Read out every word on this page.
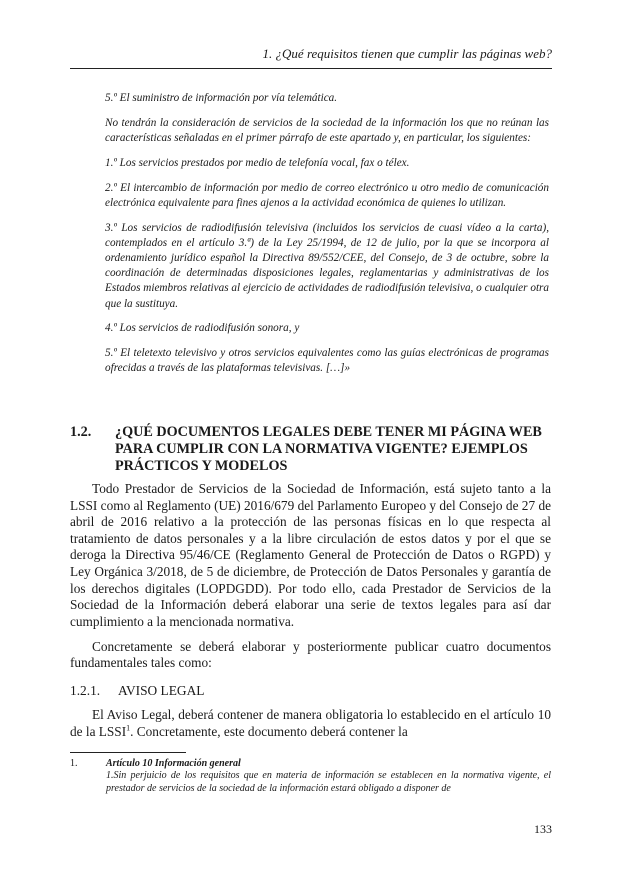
1. ¿Qué requisitos tienen que cumplir las páginas web?

5.º El suministro de información por vía telemática.

No tendrán la consideración de servicios de la sociedad de la información los que no reúnan las características señaladas en el primer párrafo de este apartado y, en particular, los siguientes:

1.º Los servicios prestados por medio de telefonía vocal, fax o télex.

2.º El intercambio de información por medio de correo electrónico u otro medio de comunicación electrónica equivalente para fines ajenos a la actividad económica de quienes lo utilizan.

3.º Los servicios de radiodifusión televisiva (incluidos los servicios de cuasi vídeo a la carta), contemplados en el artículo 3.ª) de la Ley 25/1994, de 12 de julio, por la que se incorpora al ordenamiento jurídico español la Directiva 89/552/CEE, del Consejo, de 3 de octubre, sobre la coordinación de determinadas disposiciones legales, reglamentarias y administrativas de los Estados miembros relativas al ejercicio de actividades de radiodifusión televisiva, o cualquier otra que la sustituya.

4.º Los servicios de radiodifusión sonora, y

5.º El teletexto televisivo y otros servicios equivalentes como las guías electrónicas de programas ofrecidas a través de las plataformas televisivas. […]»

1.2.	¿QUÉ DOCUMENTOS LEGALES DEBE TENER MI PÁGINA WEB PARA CUMPLIR CON LA NORMATIVA VIGENTE? EJEMPLOS PRÁCTICOS Y MODELOS

Todo Prestador de Servicios de la Sociedad de Información, está sujeto tanto a la LSSI como al Reglamento (UE) 2016/679 del Parlamento Europeo y del Consejo de 27 de abril de 2016 relativo a la protección de las personas físicas en lo que respecta al tratamiento de datos personales y a la libre circulación de estos datos y por el que se deroga la Directiva 95/46/CE (Reglamento General de Protección de Datos o RGPD) y Ley Orgánica 3/2018, de 5 de diciembre, de Protección de Datos Personales y garantía de los derechos digitales (LOPDGDD). Por todo ello, cada Prestador de Servicios de la Sociedad de la Información deberá elaborar una serie de textos legales para así dar cumplimiento a la mencionada normativa.

Concretamente se deberá elaborar y posteriormente publicar cuatro documentos fundamentales tales como:

1.2.1.	AVISO LEGAL

El Aviso Legal, deberá contener de manera obligatoria lo establecido en el artículo 10 de la LSSI$^1$. Concretamente, este documento deberá contener la

1.	Artículo 10 Información general
1.Sin perjuicio de los requisitos que en materia de información se establecen en la normativa vigente, el prestador de servicios de la sociedad de la información estará obligado a disponer de
133
